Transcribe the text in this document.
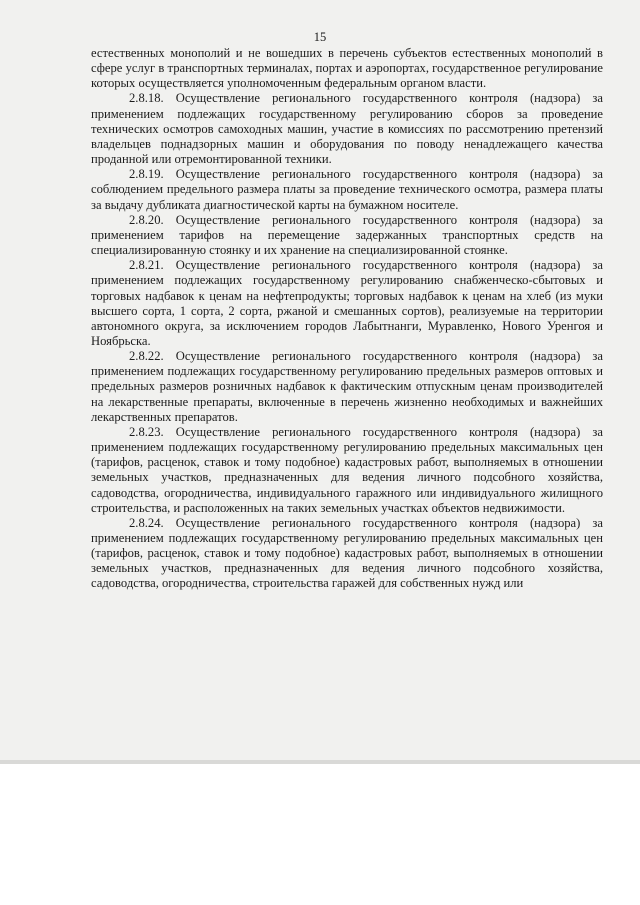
15

естественных монополий и не вошедших в перечень субъектов естественных монополий в сфере услуг в транспортных терминалах, портах и аэропортах, государственное регулирование которых осуществляется уполномоченным федеральным органом власти.

2.8.18. Осуществление регионального государственного контроля (надзора) за применением подлежащих государственному регулированию сборов за проведение технических осмотров самоходных машин, участие в комиссиях по рассмотрению претензий владельцев поднадзорных машин и оборудования по поводу ненадлежащего качества проданной или отремонтированной техники.

2.8.19. Осуществление регионального государственного контроля (надзора) за соблюдением предельного размера платы за проведение технического осмотра, размера платы за выдачу дубликата диагностической карты на бумажном носителе.

2.8.20. Осуществление регионального государственного контроля (надзора) за применением тарифов на перемещение задержанных транспортных средств на специализированную стоянку и их хранение на специализированной стоянке.

2.8.21. Осуществление регионального государственного контроля (надзора) за применением подлежащих государственному регулированию снабженческо-сбытовых и торговых надбавок к ценам на нефтепродукты; торговых надбавок к ценам на хлеб (из муки высшего сорта, 1 сорта, 2 сорта, ржаной и смешанных сортов), реализуемые на территории автономного округа, за исключением городов Лабытнанги, Муравленко, Нового Уренгоя и Ноябрьска.

2.8.22. Осуществление регионального государственного контроля (надзора) за применением подлежащих государственному регулированию предельных размеров оптовых и предельных размеров розничных надбавок к фактическим отпускным ценам производителей на лекарственные препараты, включенные в перечень жизненно необходимых и важнейших лекарственных препаратов.

2.8.23. Осуществление регионального государственного контроля (надзора) за применением подлежащих государственному регулированию предельных максимальных цен (тарифов, расценок, ставок и тому подобное) кадастровых работ, выполняемых в отношении земельных участков, предназначенных для ведения личного подсобного хозяйства, садоводства, огородничества, индивидуального гаражного или индивидуального жилищного строительства, и расположенных на таких земельных участках объектов недвижимости.

2.8.24. Осуществление регионального государственного контроля (надзора) за применением подлежащих государственному регулированию предельных максимальных цен (тарифов, расценок, ставок и тому подобное) кадастровых работ, выполняемых в отношении земельных участков, предназначенных для ведения личного подсобного хозяйства, садоводства, огородничества, строительства гаражей для собственных нужд или
